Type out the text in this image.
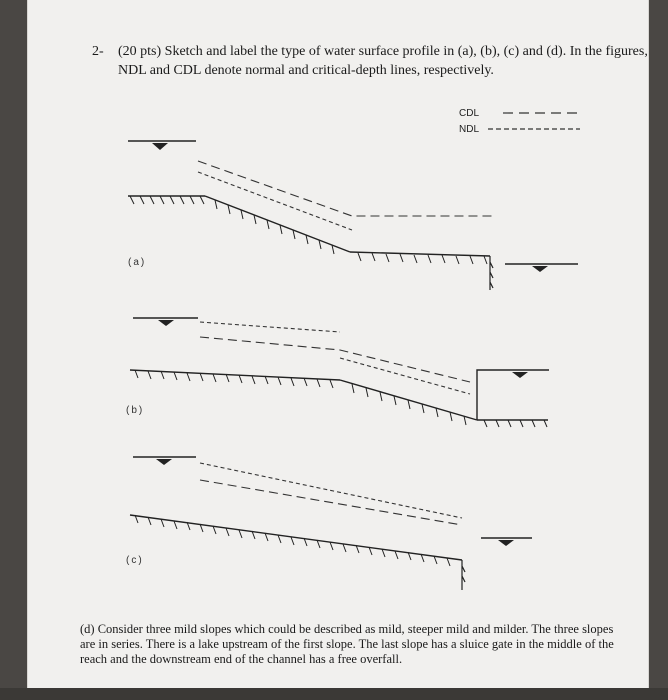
2- (20 pts) Sketch and label the type of water surface profile in (a), (b), (c) and (d). In the figures, NDL and CDL denote normal and critical-depth lines, respectively.
CDL
NDL
(a)
(b)
(c)
(d) Consider three mild slopes which could be described as mild, steeper mild and milder. The three slopes are in series. There is a lake upstream of the first slope. The last slope has a sluice gate in the middle of the reach and the downstream end of the channel has a free overfall.
